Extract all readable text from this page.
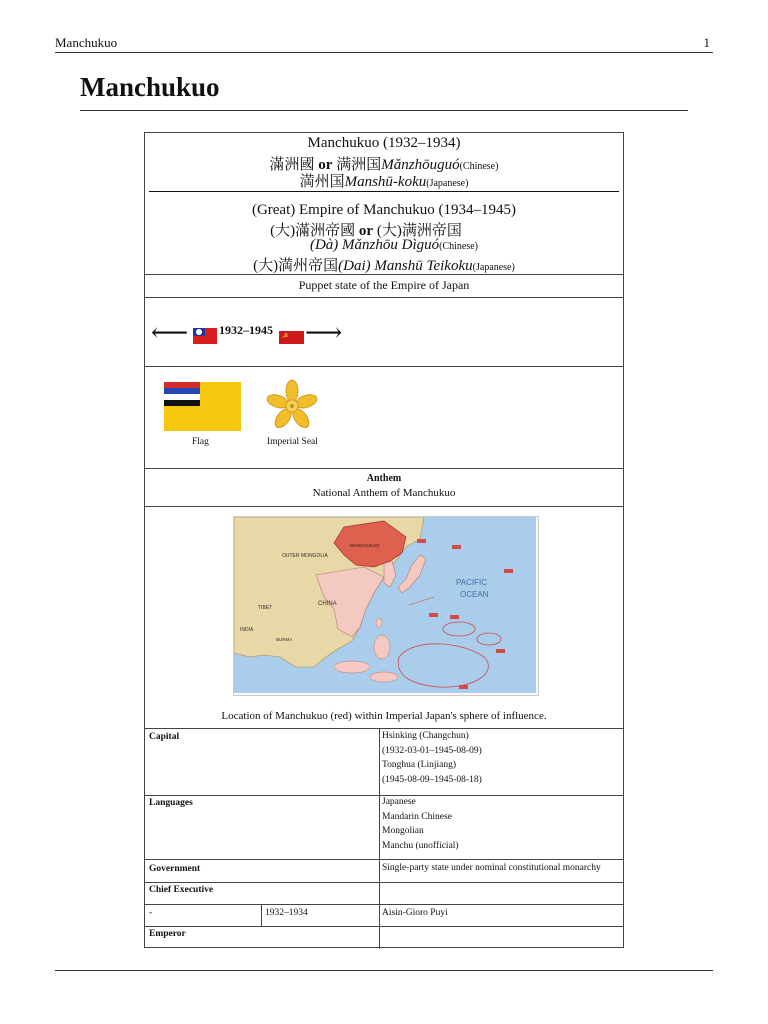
Manchukuo	1
Manchukuo
Manchukuo (1932–1934)
滿洲國 or 满洲国Mǎnzhōuguó(Chinese)
満州国Manshū-koku(Japanese)
(Great) Empire of Manchukuo (1934–1945)
(大)滿洲帝國 or (大)满洲帝国
(Dà) Mǎnzhōu Dìguó(Chinese)
(大)満州帝国(Dai) Manshū Teikoku(Japanese)
Puppet state of the Empire of Japan
⟵	1932–1945 ☭ ⟶
Flag	Imperial Seal
Anthem
National Anthem of Manchukuo
OUTER MONGOLIA
MANCHUKUO
CHINA
TIBET
INDIA
BURMA
PACIFIC
OCEAN
Location of Manchukuo (red) within Imperial Japan's sphere of influence.
Capital	Hsinking (Changchun)
(1932-03-01–1945-08-09)
Tonghua (Linjiang)
(1945-08-09–1945-08-18)
Languages	Japanese
Mandarin Chinese
Mongolian
Manchu (unofficial)
Government	Single-party state under nominal constitutional monarchy
Chief Executive
-	1932–1934	Aisin-Gioro Puyi
Emperor
